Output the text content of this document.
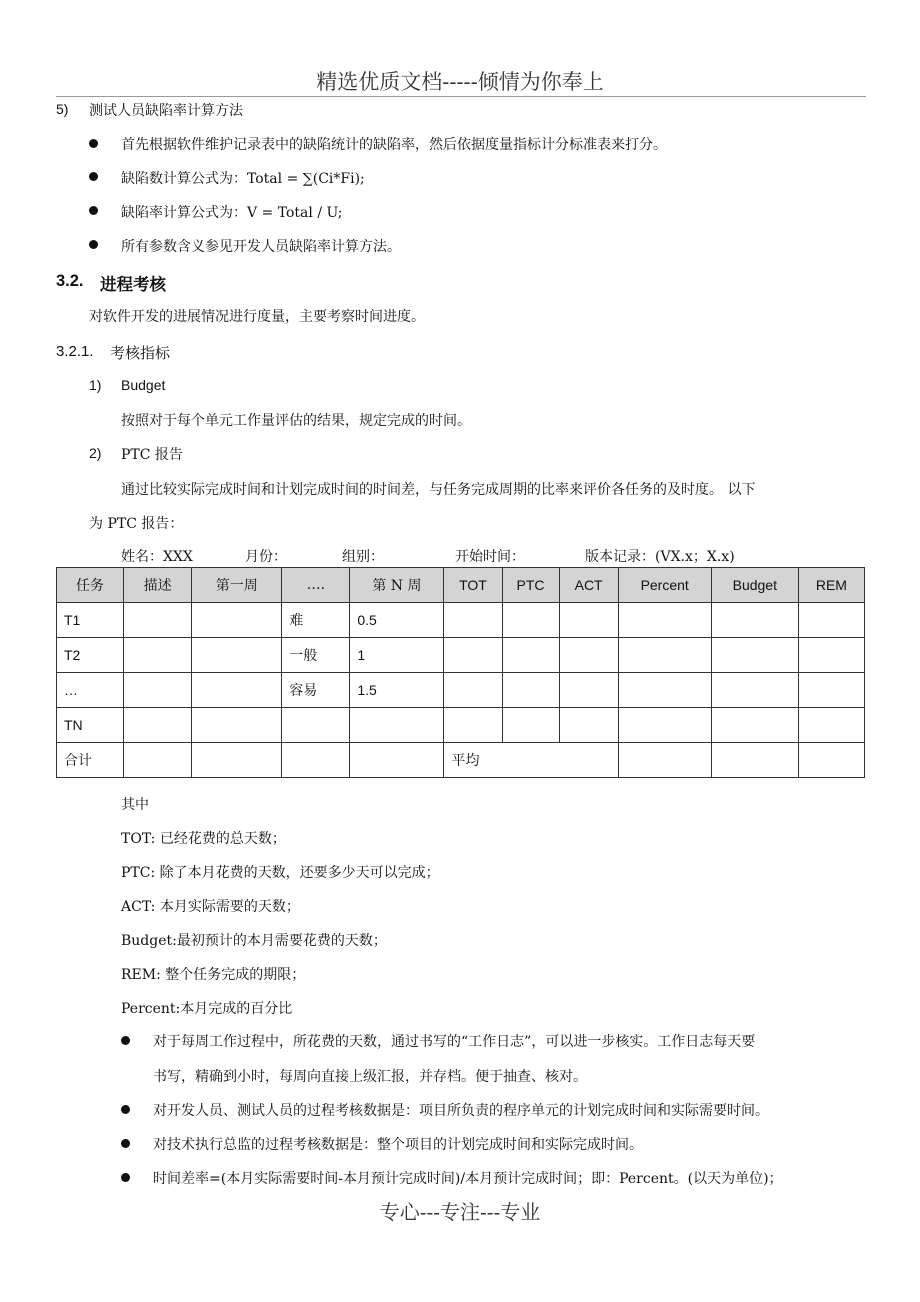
精选优质文档-----倾情为你奉上
5) 测试人员缺陷率计算方法
首先根据软件维护记录表中的缺陷统计的缺陷率，然后依据度量指标计分标准表来打分。
缺陷数计算公式为：Total = ∑(Ci*Fi);
缺陷率计算公式为：V = Total / U;
所有参数含义参见开发人员缺陷率计算方法。
3.2. 进程考核
对软件开发的进展情况进行度量，主要考察时间进度。
3.2.1. 考核指标
1) Budget
按照对于每个单元工作量评估的结果，规定完成的时间。
2) PTC 报告
通过比较实际完成时间和计划完成时间的时间差，与任务完成周期的比率来评价各任务的及时度。 以下
为 PTC 报告：
姓名：XXX	月份：	组别：	开始时间：	版本记录：(VX.x；X.x)
任务	描述	第一周	….	第 N 周	TOT	PTC	ACT	Percent	Budget	REM
T1			难	0.5						
T2			一般	1						
…			容易	1.5						
TN										
合计					平均					
其中
TOT: 已经花费的总天数；
PTC: 除了本月花费的天数，还要多少天可以完成；
ACT: 本月实际需要的天数；
Budget:最初预计的本月需要花费的天数；
REM: 整个任务完成的期限；
Percent:本月完成的百分比
对于每周工作过程中，所花费的天数，通过书写的“工作日志”，可以进一步核实。工作日志每天要
书写，精确到小时，每周向直接上级汇报，并存档。便于抽查、核对。
对开发人员、测试人员的过程考核数据是：项目所负责的程序单元的计划完成时间和实际需要时间。
对技术执行总监的过程考核数据是：整个项目的计划完成时间和实际完成时间。
时间差率=(本月实际需要时间-本月预计完成时间)/本月预计完成时间；即：Percent。(以天为单位)；
专心---专注---专业
